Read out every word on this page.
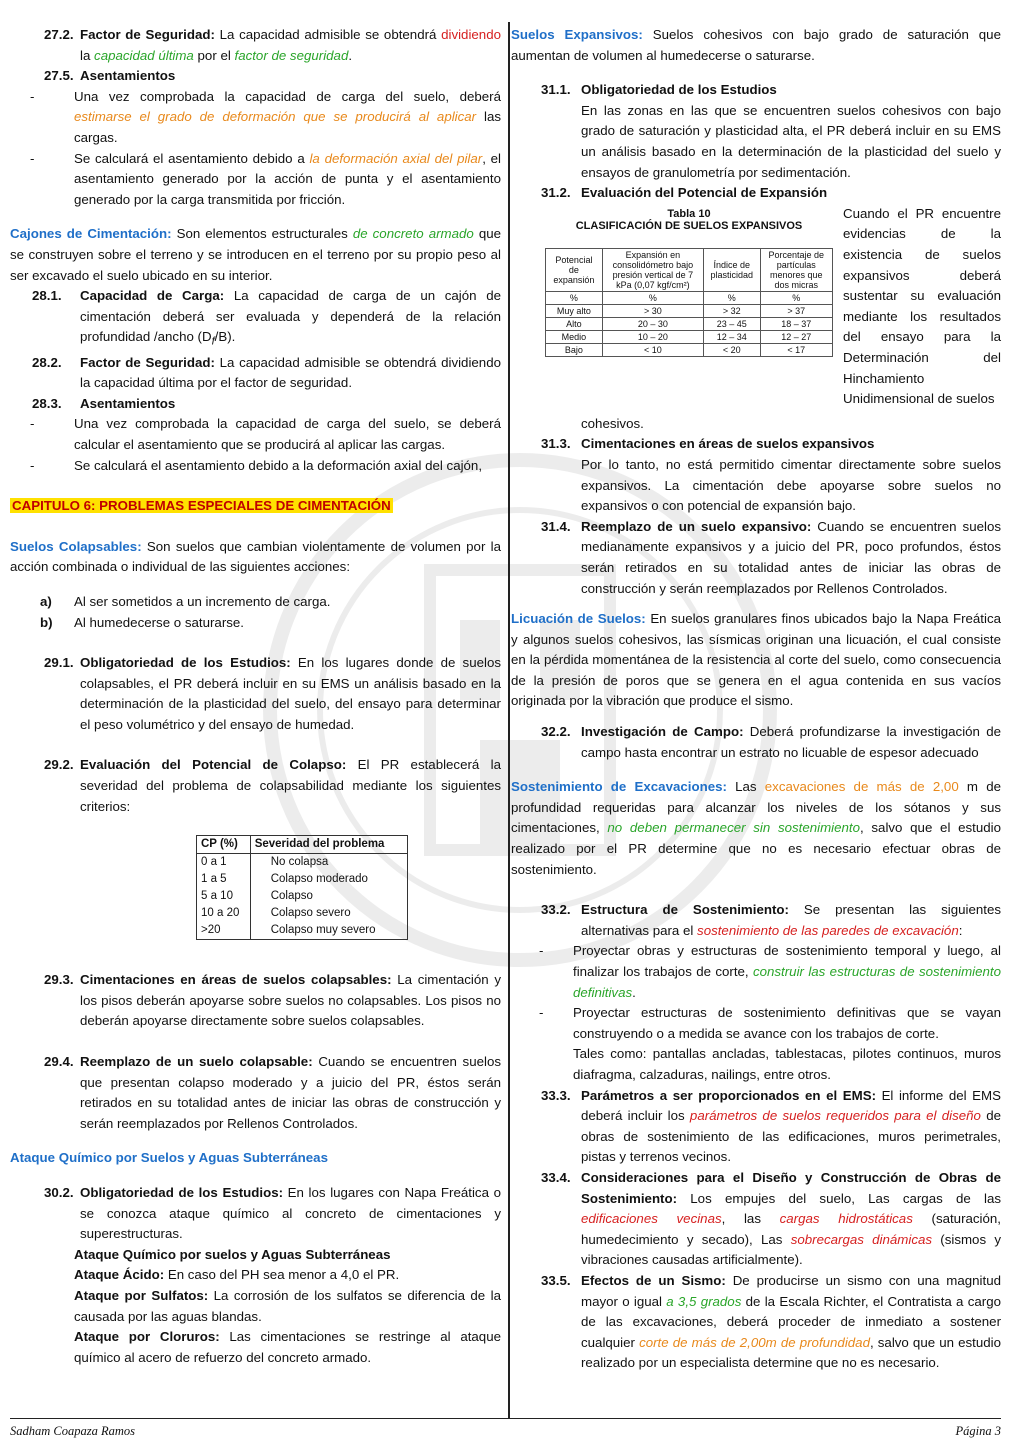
27.2. Factor de Seguridad: La capacidad admisible se obtendrá dividiendo la capacidad última por el factor de seguridad.
27.5. Asentamientos
-	Una vez comprobada la capacidad de carga del suelo, deberá estimarse el grado de deformación que se producirá al aplicar las cargas.
-	Se calculará el asentamiento debido a la deformación axial del pilar, el asentamiento generado por la acción de punta y el asentamiento generado por la carga transmitida por fricción.

Cajones de Cimentación: Son elementos estructurales de concreto armado que se construyen sobre el terreno y se introducen en el terreno por su propio peso al ser excavado el suelo ubicado en su interior.

28.1. Capacidad de Carga: La capacidad de carga de un cajón de cimentación deberá ser evaluada y dependerá de la relación profundidad /ancho $(D_f/B)$.
28.2. Factor de Seguridad: La capacidad admisible se obtendrá dividiendo la capacidad última por el factor de seguridad.
28.3. Asentamientos
-	Una vez comprobada la capacidad de carga del suelo, se deberá calcular el asentamiento que se producirá al aplicar las cargas.
-	Se calculará el asentamiento debido a la deformación axial del cajón,

CAPITULO 6: PROBLEMAS ESPECIALES DE CIMENTACIÓN

Suelos Colapsables: Son suelos que cambian violentamente de volumen por la acción combinada o individual de las siguientes acciones:

a) Al ser sometidos a un incremento de carga.
b) Al humedecerse o saturarse.
29.1. Obligatoriedad de los Estudios: En los lugares donde de suelos colapsables, el PR deberá incluir en su EMS un análisis basado en la determinación de la plasticidad del suelo, del ensayo para determinar el peso volumétrico y del ensayo de humedad.
29.2. Evaluación del Potencial de Colapso: El PR establecerá la severidad del problema de colapsabilidad mediante los siguientes criterios:
CP (%)	Severidad del problema
0 a 1	No colapsa
1 a 5	Colapso moderado
5 a 10	Colapso
10 a 20	Colapso severo
>20	Colapso muy severo
29.3. Cimentaciones en áreas de suelos colapsables: La cimentación y los pisos deberán apoyarse sobre suelos no colapsables. Los pisos no deberán apoyarse directamente sobre suelos colapsables.
29.4. Reemplazo de un suelo colapsable: Cuando se encuentren suelos que presentan colapso moderado y a juicio del PR, éstos serán retirados en su totalidad antes de iniciar las obras de construcción y serán reemplazados por Rellenos Controlados.

Ataque Químico por Suelos y Aguas Subterráneas

30.2. Obligatoriedad de los Estudios: En los lugares con Napa Freática o se conozca ataque químico al concreto de cimentaciones y superestructuras.

Ataque Químico por suelos y Aguas Subterráneas

Ataque Ácido: En caso del PH sea menor a 4,0 el PR.

Ataque por Sulfatos: La corrosión de los sulfatos se diferencia de la causada por las aguas blandas.

Ataque por Cloruros: Las cimentaciones se restringe al ataque químico al acero de refuerzo del concreto armado.

Suelos Expansivos: Suelos cohesivos con bajo grado de saturación que aumentan de volumen al humedecerse o saturarse.

31.1. Obligatoriedad de los Estudios
En las zonas en las que se encuentren suelos cohesivos con bajo grado de saturación y plasticidad alta, el PR deberá incluir en su EMS un análisis basado en la determinación de la plasticidad del suelo y ensayos de granulometría por sedimentación.
31.2. Evaluación del Potencial de Expansión
Tabla 10
CLASIFICACIÓN DE SUELOS EXPANSIVOS
Potencial de expansión	Expansión en consolidómetro bajo presión vertical de 7 kPa (0,07 kgf/cm²)	Índice de plasticidad	Porcentaje de partículas menores que dos micras
%	%	%	%
Muy alto	> 30	> 32	> 37
Alto	20 – 30	23 – 45	18 – 37
Medio	10 – 20	12 – 34	12 – 27
Bajo	< 10	< 20	< 17
Cuando el PR encuentre evidencias de la existencia de suelos expansivos deberá sustentar su evaluación mediante los resultados del ensayo para la Determinación del Hinchamiento Unidimensional de suelos
cohesivos.
31.3. Cimentaciones en áreas de suelos expansivos
Por lo tanto, no está permitido cimentar directamente sobre suelos expansivos. La cimentación debe apoyarse sobre suelos no expansivos o con potencial de expansión bajo.
31.4. Reemplazo de un suelo expansivo: Cuando se encuentren suelos medianamente expansivos y a juicio del PR, poco profundos, éstos serán retirados en su totalidad antes de iniciar las obras de construcción y serán reemplazados por Rellenos Controlados.

Licuación de Suelos: En suelos granulares finos ubicados bajo la Napa Freática y algunos suelos cohesivos, las sísmicas originan una licuación, el cual consiste en la pérdida momentánea de la resistencia al corte del suelo, como consecuencia de la presión de poros que se genera en el agua contenida en sus vacíos originada por la vibración que produce el sismo.

32.2. Investigación de Campo: Deberá profundizarse la investigación de campo hasta encontrar un estrato no licuable de espesor adecuado

Sostenimiento de Excavaciones: Las excavaciones de más de 2,00 m de profundidad requeridas para alcanzar los niveles de los sótanos y sus cimentaciones, no deben permanecer sin sostenimiento, salvo que el estudio realizado por el PR determine que no es necesario efectuar obras de sostenimiento.

33.2. Estructura de Sostenimiento: Se presentan las siguientes alternativas para el sostenimiento de las paredes de excavación:
- Proyectar obras y estructuras de sostenimiento temporal y luego, al finalizar los trabajos de corte, construir las estructuras de sostenimiento definitivas.
- Proyectar estructuras de sostenimiento definitivas que se vayan construyendo o a medida se avance con los trabajos de corte.
Tales como: pantallas ancladas, tablestacas, pilotes continuos, muros diafragma, calzaduras, nailings, entre otros.
33.3. Parámetros a ser proporcionados en el EMS: El informe del EMS deberá incluir los parámetros de suelos requeridos para el diseño de obras de sostenimiento de las edificaciones, muros perimetrales, pistas y terrenos vecinos.
33.4. Consideraciones para el Diseño y Construcción de Obras de Sostenimiento: Los empujes del suelo, Las cargas de las edificaciones vecinas, las cargas hidrostáticas (saturación, humedecimiento y secado), Las sobrecargas dinámicas (sismos y vibraciones causadas artificialmente).
33.5. Efectos de un Sismo: De producirse un sismo con una magnitud mayor o igual a 3,5 grados de la Escala Richter, el Contratista a cargo de las excavaciones, deberá proceder de inmediato a sostener cualquier corte de más de 2,00m de profundidad, salvo que un estudio realizado por un especialista determine que no es necesario.
Sadham Coapaza Ramos	Página 3
